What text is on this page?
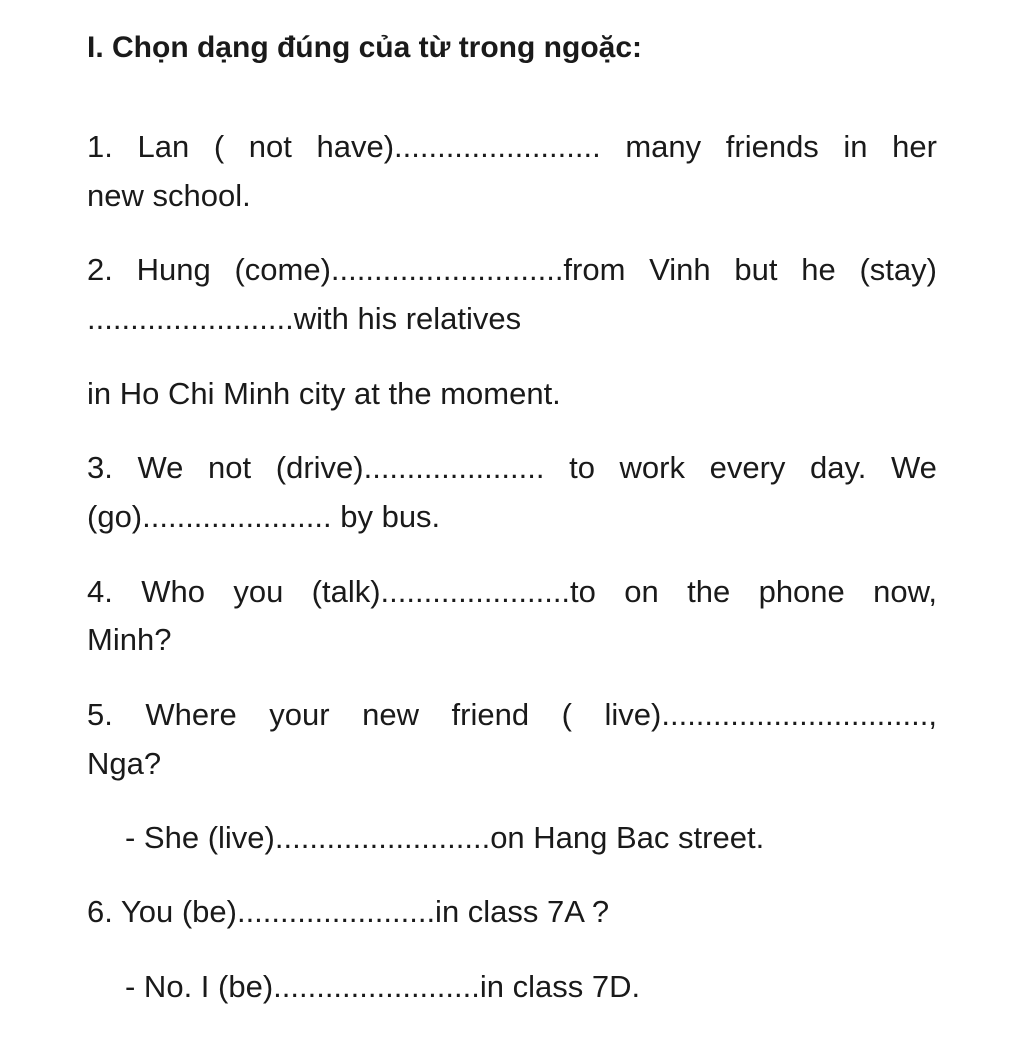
I. Chọn dạng đúng của từ trong ngoặc:
1. Lan ( not have)........................ many friends in her
new school.
2. Hung (come)...........................from Vinh but he (stay)
........................with his relatives
in Ho Chi Minh city at the moment.
3. We not (drive)..................... to work every day. We
(go)...................... by bus.
4. Who you (talk)......................to on the phone now,
Minh?
5. Where your new friend ( live)...............................,
Nga?
- She (live).........................on Hang Bac street.
6. You (be).......................in class 7A ?
- No. I (be)........................in class 7D.
